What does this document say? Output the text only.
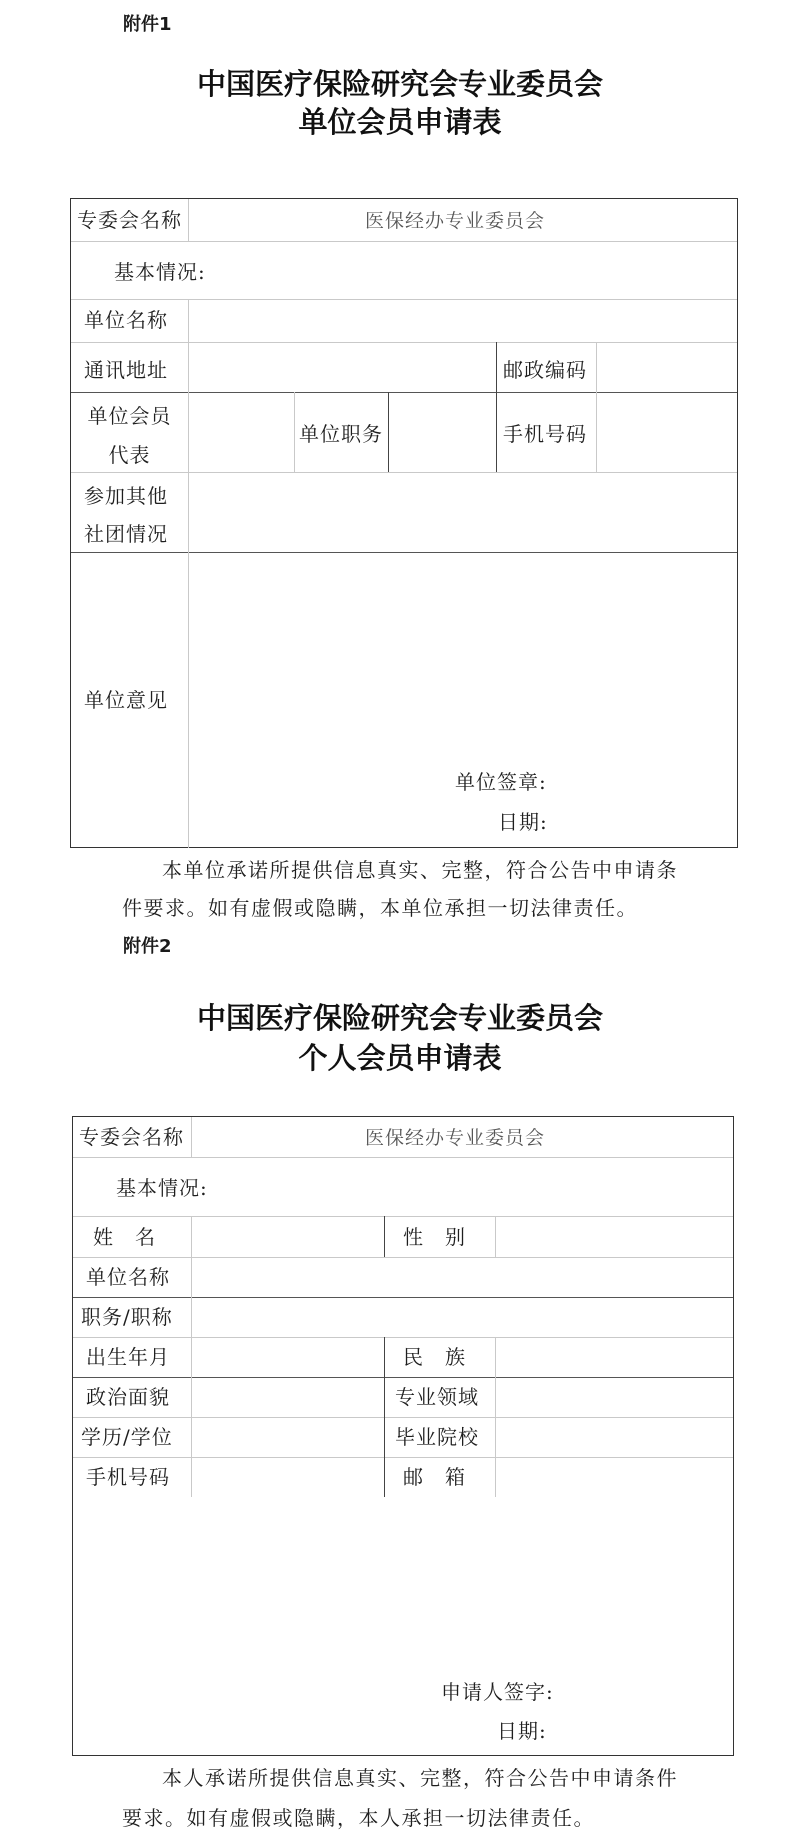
附件1
中国医疗保险研究会专业委员会
单位会员申请表
专委会名称	医保经办专业委员会
基本情况:
单位名称
通讯地址	邮政编码
单位会员
代表
单位职务	手机号码
参加其他
社团情况
单位意见
单位签章:
日期:
本单位承诺所提供信息真实、完整，符合公告中申请条
件要求。如有虚假或隐瞒，本单位承担一切法律责任。
附件2
中国医疗保险研究会专业委员会
个人会员申请表
专委会名称	医保经办专业委员会
基本情况:
姓　名	性　别
单位名称
职务/职称
出生年月	民　族
政治面貌	专业领域
学历/学位	毕业院校
手机号码	邮　箱
申请人签字:
日期:
本人承诺所提供信息真实、完整，符合公告中申请条件
要求。如有虚假或隐瞒，本人承担一切法律责任。
